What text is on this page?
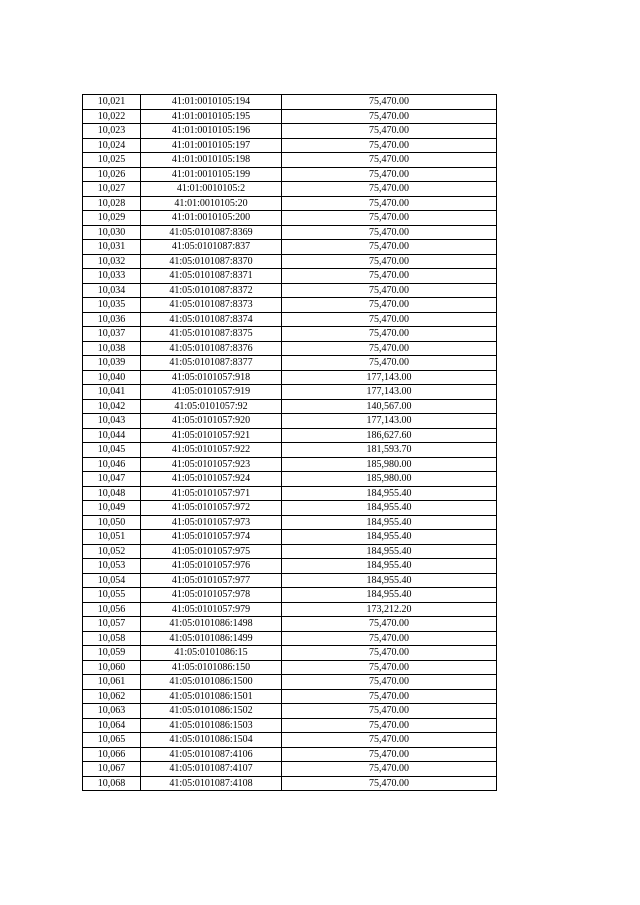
10,021	41:01:0010105:194	75,470.00
10,022	41:01:0010105:195	75,470.00
10,023	41:01:0010105:196	75,470.00
10,024	41:01:0010105:197	75,470.00
10,025	41:01:0010105:198	75,470.00
10,026	41:01:0010105:199	75,470.00
10,027	41:01:0010105:2	75,470.00
10,028	41:01:0010105:20	75,470.00
10,029	41:01:0010105:200	75,470.00
10,030	41:05:0101087:8369	75,470.00
10,031	41:05:0101087:837	75,470.00
10,032	41:05:0101087:8370	75,470.00
10,033	41:05:0101087:8371	75,470.00
10,034	41:05:0101087:8372	75,470.00
10,035	41:05:0101087:8373	75,470.00
10,036	41:05:0101087:8374	75,470.00
10,037	41:05:0101087:8375	75,470.00
10,038	41:05:0101087:8376	75,470.00
10,039	41:05:0101087:8377	75,470.00
10,040	41:05:0101057:918	177,143.00
10,041	41:05:0101057:919	177,143.00
10,042	41:05:0101057:92	140,567.00
10,043	41:05:0101057:920	177,143.00
10,044	41:05:0101057:921	186,627.60
10,045	41:05:0101057:922	181,593.70
10,046	41:05:0101057:923	185,980.00
10,047	41:05:0101057:924	185,980.00
10,048	41:05:0101057:971	184,955.40
10,049	41:05:0101057:972	184,955.40
10,050	41:05:0101057:973	184,955.40
10,051	41:05:0101057:974	184,955.40
10,052	41:05:0101057:975	184,955.40
10,053	41:05:0101057:976	184,955.40
10,054	41:05:0101057:977	184,955.40
10,055	41:05:0101057:978	184,955.40
10,056	41:05:0101057:979	173,212.20
10,057	41:05:0101086:1498	75,470.00
10,058	41:05:0101086:1499	75,470.00
10,059	41:05:0101086:15	75,470.00
10,060	41:05:0101086:150	75,470.00
10,061	41:05:0101086:1500	75,470.00
10,062	41:05:0101086:1501	75,470.00
10,063	41:05:0101086:1502	75,470.00
10,064	41:05:0101086:1503	75,470.00
10,065	41:05:0101086:1504	75,470.00
10,066	41:05:0101087:4106	75,470.00
10,067	41:05:0101087:4107	75,470.00
10,068	41:05:0101087:4108	75,470.00
